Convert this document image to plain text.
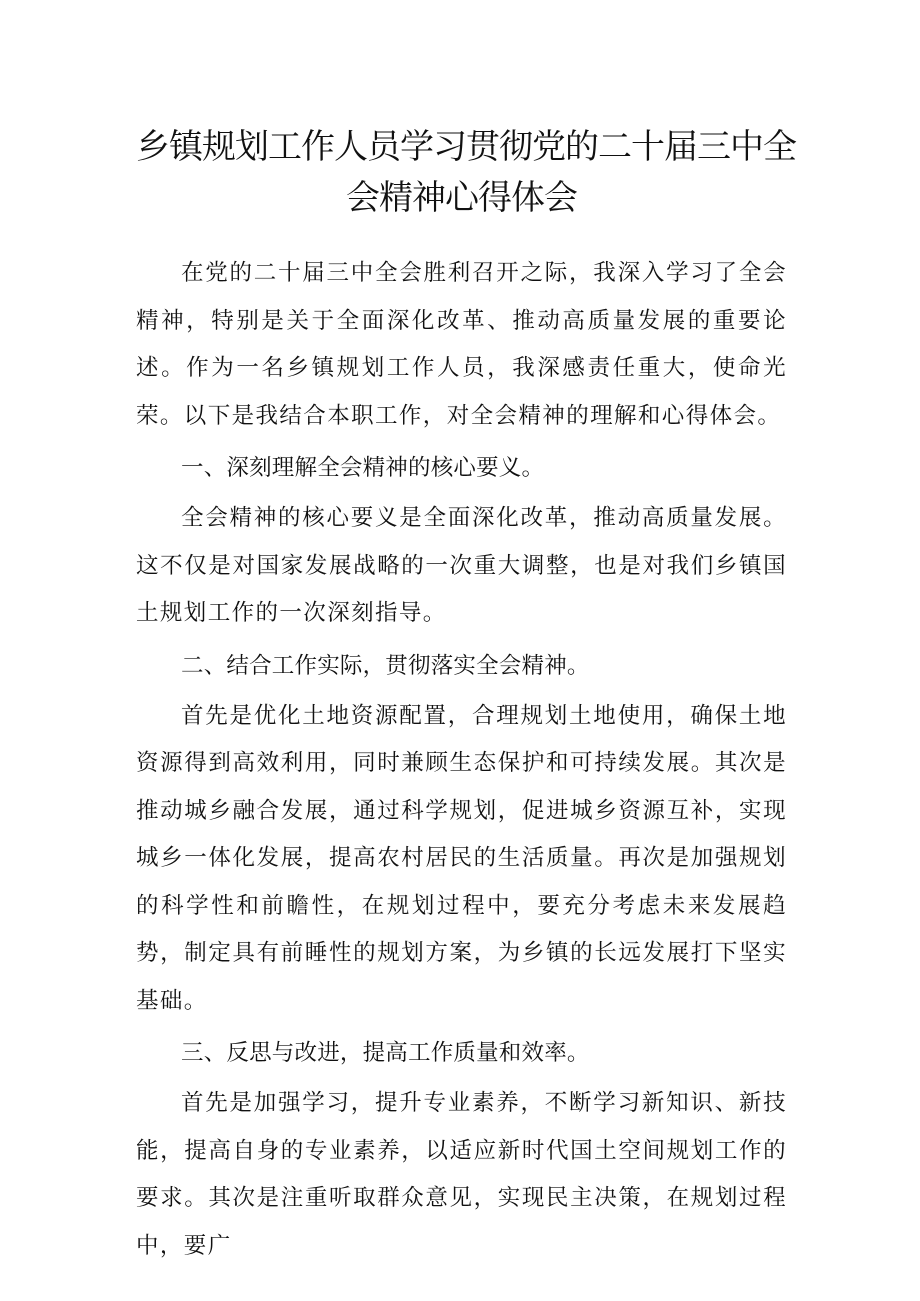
乡镇规划工作人员学习贯彻党的二十届三中全
会精神心得体会

在党的二十届三中全会胜利召开之际，我深入学习了全会精神，特别是关于全面深化改革、推动高质量发展的重要论述。作为一名乡镇规划工作人员，我深感责任重大，使命光荣。以下是我结合本职工作，对全会精神的理解和心得体会。

一、深刻理解全会精神的核心要义。

全会精神的核心要义是全面深化改革，推动高质量发展。这不仅是对国家发展战略的一次重大调整，也是对我们乡镇国土规划工作的一次深刻指导。

二、结合工作实际，贯彻落实全会精神。

首先是优化土地资源配置，合理规划土地使用，确保土地资源得到高效利用，同时兼顾生态保护和可持续发展。其次是推动城乡融合发展，通过科学规划，促进城乡资源互补，实现城乡一体化发展，提高农村居民的生活质量。再次是加强规划的科学性和前瞻性，在规划过程中，要充分考虑未来发展趋势，制定具有前睡性的规划方案，为乡镇的长远发展打下坚实基础。

三、反思与改进，提高工作质量和效率。

首先是加强学习，提升专业素养，不断学习新知识、新技能，提高自身的专业素养，以适应新时代国土空间规划工作的要求。其次是注重听取群众意见，实现民主决策，在规划过程中，要广
